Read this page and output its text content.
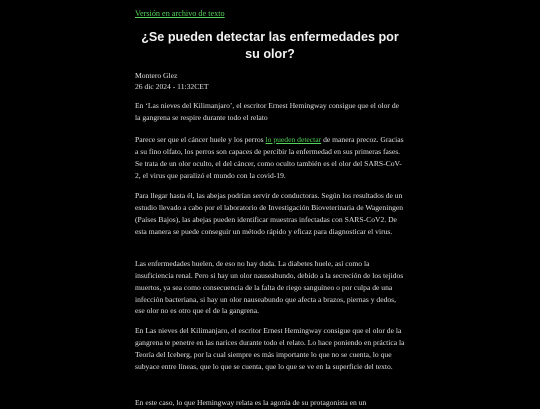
Versión en archivo de texto
¿Se pueden detectar las enfermedades por su olor?
Montero Glez
26 dic 2024 - 11:32CET

En ‘Las nieves del Kilimanjaro’, el escritor Ernest Hemingway consigue que el olor de la gangrena se respire durante todo el relato

Parece ser que el cáncer huele y los perros lo pueden detectar de manera precoz. Gracias a su fino olfato, los perros son capaces de percibir la enfermedad en sus primeras fases. Se trata de un olor oculto, el del cáncer, como oculto también es el olor del SARS-CoV-2, el virus que paralizó el mundo con la covid-19.

Para llegar hasta él, las abejas podrían servir de conductoras. Según los resultados de un estudio llevado a cabo por el laboratorio de Investigación Bioveterinaria de Wageningen (Países Bajos), las abejas pueden identificar muestras infectadas con SARS-CoV2. De esta manera se puede conseguir un método rápido y eficaz para diagnosticar el virus.

Las enfermedades huelen, de eso no hay duda. La diabetes huele, así como la insuficiencia renal. Pero si hay un olor nauseabundo, debido a la secreción de los tejidos muertos, ya sea como consecuencia de la falta de riego sanguíneo o por culpa de una infección bacteriana, si hay un olor nauseabundo que afecta a brazos, piernas y dedos, ese olor no es otro que el de la gangrena.

En Las nieves del Kilimanjaro, el escritor Ernest Hemingway consigue que el olor de la gangrena te penetre en las narices durante todo el relato. Lo hace poniendo en práctica la Teoría del Iceberg, por la cual siempre es más importante lo que no se cuenta, lo que subyace entre líneas, que lo que se cuenta, que lo que se ve en la superficie del texto.

En este caso, lo que Hemingway relata es la agonía de su protagonista en un
